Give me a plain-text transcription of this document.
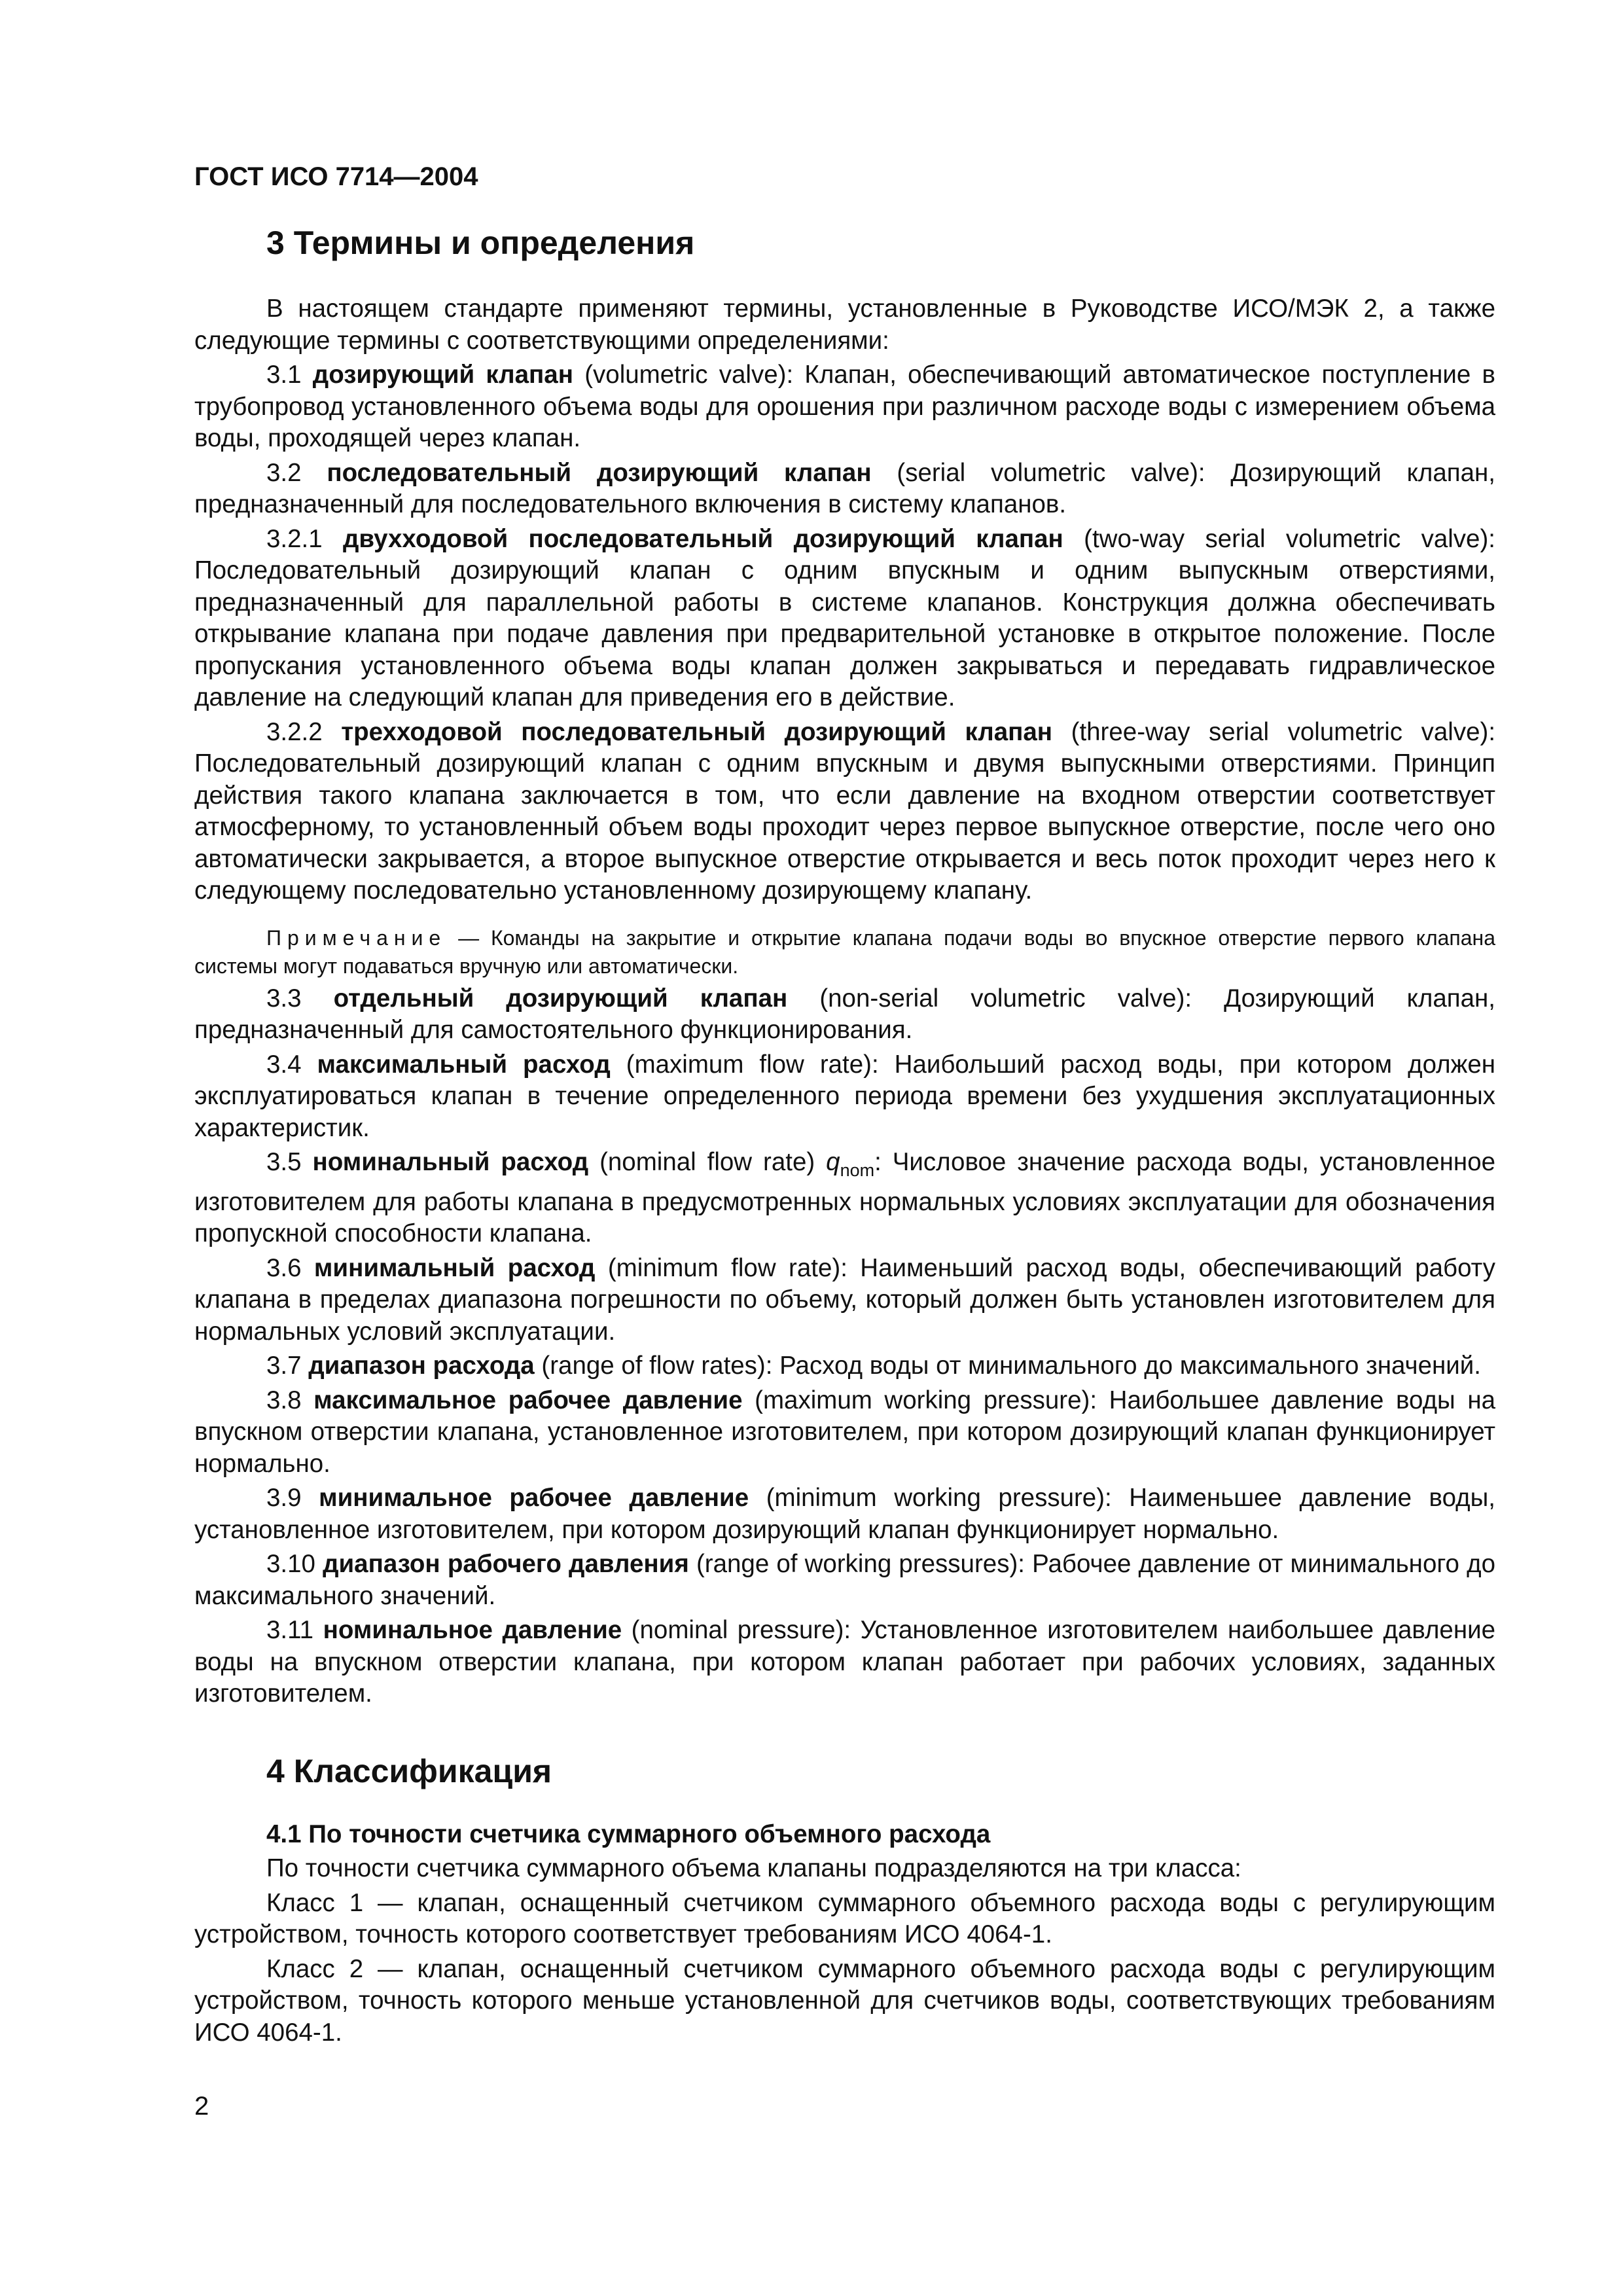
ГОСТ ИСО 7714—2004
3 Термины и определения

В настоящем стандарте применяют термины, установленные в Руководстве ИСО/МЭК 2, а также следующие термины с соответствующими определениями:

3.1 дозирующий клапан (volumetric valve): Клапан, обеспечивающий автоматическое поступление в трубопровод установленного объема воды для орошения при различном расходе воды с измерением объема воды, проходящей через клапан.

3.2 последовательный дозирующий клапан (serial volumetric valve): Дозирующий клапан, предназначенный для последовательного включения в систему клапанов.

3.2.1 двухходовой последовательный дозирующий клапан (two-way serial volumetric valve): Последовательный дозирующий клапан с одним впускным и одним выпускным отверстиями, предназначенный для параллельной работы в системе клапанов. Конструкция должна обеспечивать открывание клапана при подаче давления при предварительной установке в открытое положение. После пропускания установленного объема воды клапан должен закрываться и передавать гидравлическое давление на следующий клапан для приведения его в действие.

3.2.2 трехходовой последовательный дозирующий клапан (three-way serial volumetric valve): Последовательный дозирующий клапан с одним впускным и двумя выпускными отверстиями. Принцип действия такого клапана заключается в том, что если давление на входном отверстии соответствует атмосферному, то установленный объем воды проходит через первое выпускное отверстие, после чего оно автоматически закрывается, а второе выпускное отверстие открывается и весь поток проходит через него к следующему последовательно установленному дозирующему клапану.

Примечание — Команды на закрытие и открытие клапана подачи воды во впускное отверстие первого клапана системы могут подаваться вручную или автоматически.

3.3 отдельный дозирующий клапан (non-serial volumetric valve): Дозирующий клапан, предназначенный для самостоятельного функционирования.

3.4 максимальный расход (maximum flow rate): Наибольший расход воды, при котором должен эксплуатироваться клапан в течение определенного периода времени без ухудшения эксплуатационных характеристик.

3.5 номинальный расход (nominal flow rate) $q_{nom}$: Числовое значение расхода воды, установленное изготовителем для работы клапана в предусмотренных нормальных условиях эксплуатации для обозначения пропускной способности клапана.

3.6 минимальный расход (minimum flow rate): Наименьший расход воды, обеспечивающий работу клапана в пределах диапазона погрешности по объему, который должен быть установлен изготовителем для нормальных условий эксплуатации.

3.7 диапазон расхода (range of flow rates): Расход воды от минимального до максимального значений.

3.8 максимальное рабочее давление (maximum working pressure): Наибольшее давление воды на впускном отверстии клапана, установленное изготовителем, при котором дозирующий клапан функционирует нормально.

3.9 минимальное рабочее давление (minimum working pressure): Наименьшее давление воды, установленное изготовителем, при котором дозирующий клапан функционирует нормально.

3.10 диапазон рабочего давления (range of working pressures): Рабочее давление от минимального до максимального значений.

3.11 номинальное давление (nominal pressure): Установленное изготовителем наибольшее давление воды на впускном отверстии клапана, при котором клапан работает при рабочих условиях, заданных изготовителем.

4 Классификация

4.1 По точности счетчика суммарного объемного расхода

По точности счетчика суммарного объема клапаны подразделяются на три класса:

Класс 1 — клапан, оснащенный счетчиком суммарного объемного расхода воды с регулирующим устройством, точность которого соответствует требованиям ИСО 4064-1.

Класс 2 — клапан, оснащенный счетчиком суммарного объемного расхода воды с регулирующим устройством, точность которого меньше установленной для счетчиков воды, соответствующих требованиям ИСО 4064-1.

2
